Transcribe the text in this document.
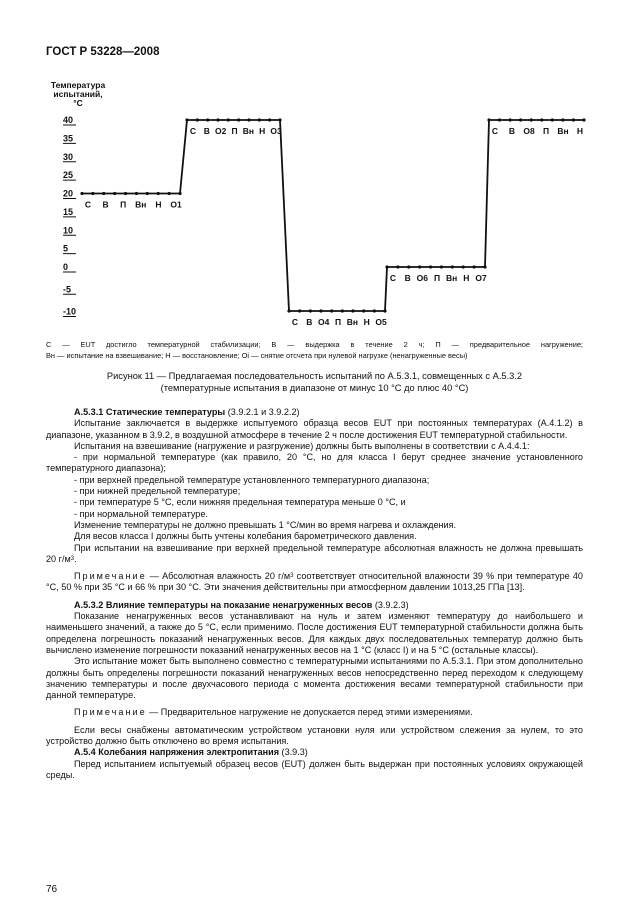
ГОСТ Р 53228—2008
Температура
испытаний,
°С
40
35
30
25
20
15
10
5
0
-5
-10
С В П Вн Н О1
С В О2 П Вн Н О3
С В О4 П Вн Н О5
С В О6 П Вн Н О7
С В О8 П Вн Н
С — EUT достигло температурной стабилизации; В — выдержка в течение 2 ч; П — предварительное нагружение;
Вн — испытание на взвешивание; Н — восстановление; Оi — снятие отсчета при нулевой нагрузке (ненагруженные весы)
Рисунок 11 — Предлагаемая последовательность испытаний по А.5.3.1, совмещенных с А.5.3.2
(температурные испытания в диапазоне от минус 10 °С до плюс 40 °С)

А.5.3.1 Статические температуры (3.9.2.1 и 3.9.2.2)

Испытание заключается в выдержке испытуемого образца весов EUT при постоянных температурах (А.4.1.2) в диапазоне, указанном в 3.9.2, в воздушной атмосфере в течение 2 ч после достижения EUT температурной стабильности.

Испытания на взвешивание (нагружение и разгружение) должны быть выполнены в соответствии с А.4.4.1:

- при нормальной температуре (как правило, 20 °С, но для класса I берут среднее значение установленного температурного диапазона);

- при верхней предельной температуре установленного температурного диапазона;

- при нижней предельной температуре;

- при температуре 5 °С, если нижняя предельная температура меньше 0 °С, и

- при нормальной температуре.

Изменение температуры не должно превышать 1 °С/мин во время нагрева и охлаждения.

Для весов класса I должны быть учтены колебания барометрического давления.

При испытании на взвешивание при верхней предельной температуре абсолютная влажность не должна превышать 20 $г/м^3$.

Примечание — Абсолютная влажность 20 $г/м^3$ соответствует относительной влажности 39 % при температуре 40 °С, 50 % при 35 °С и 66 % при 30 °С. Эти значения действительны при атмосферном давлении 1013,25 ГПа [13].

А.5.3.2 Влияние температуры на показание ненагруженных весов (3.9.2.3)

Показание ненагруженных весов устанавливают на нуль и затем изменяют температуру до наибольшего и наименьшего значений, а также до 5 °С, если применимо. После достижения EUT температурной стабильности должна быть определена погрешность показаний ненагруженных весов. Для каждых двух последовательных температур должно быть вычислено изменение погрешности показаний ненагруженных весов на 1 °С (класс I) и на 5 °С (остальные классы).

Это испытание может быть выполнено совместно с температурными испытаниями по А.5.3.1. При этом дополнительно должны быть определены погрешности показаний ненагруженных весов непосредственно перед переходом к следующему значению температуры и после двухчасового периода с момента достижения весами температурной стабильности при данной температуре.

Примечание — Предварительное нагружение не допускается перед этими измерениями.

Если весы снабжены автоматическим устройством установки нуля или устройством слежения за нулем, то это устройство должно быть отключено во время испытания.

А.5.4 Колебания напряжения электропитания (3.9.3)

Перед испытанием испытуемый образец весов (EUT) должен быть выдержан при постоянных условиях окружающей среды.

76
